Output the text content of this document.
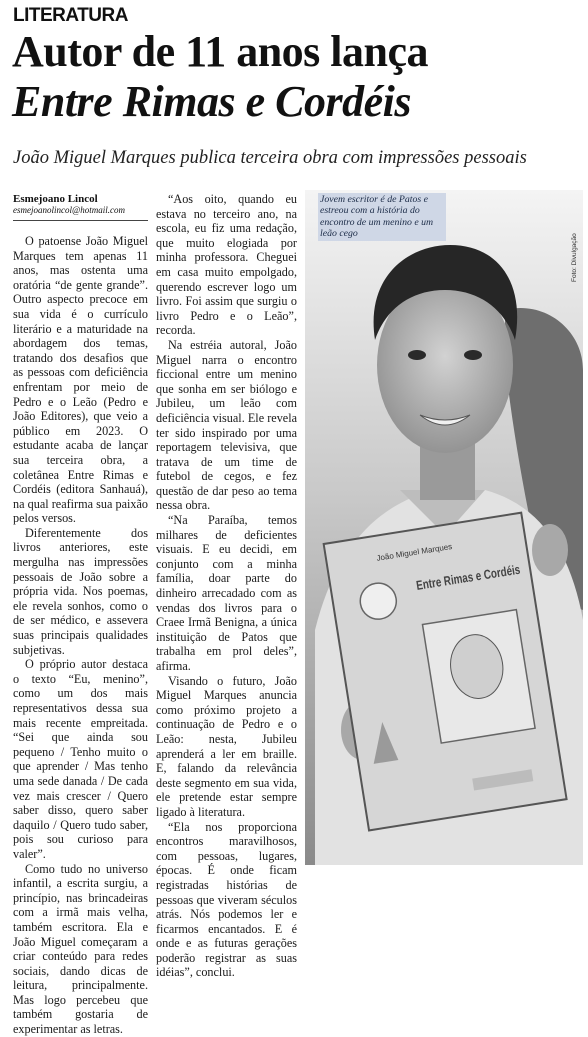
LITERATURA
Autor de 11 anos lança
Entre Rimas e Cordéis
João Miguel Marques publica terceira obra com impressões pessoais
Esmejoano Lincol
esmejoanolincol@hotmail.com

O patoense João Miguel Marques tem apenas 11 anos, mas ostenta uma oratória “de gente grande”. Outro aspecto precoce em sua vida é o currículo literário e a maturidade na abordagem dos temas, tratando dos desafios que as pessoas com deficiência enfrentam por meio de Pedro e o Leão (Pedro e João Editores), que veio a público em 2023. O estudante acaba de lançar sua terceira obra, a coletânea Entre Rimas e Cordéis (editora Sanhauá), na qual reafirma sua paixão pelos versos.

Diferentemente dos livros anteriores, este mergulha nas impressões pessoais de João sobre a própria vida. Nos poemas, ele revela sonhos, como o de ser médico, e assevera suas principais qualidades subjetivas.

O próprio autor destaca o texto “Eu, menino”, como um dos mais representativos dessa sua mais recente empreitada. “Sei que ainda sou pequeno / Tenho muito o que aprender / Mas tenho uma sede danada / De cada vez mais crescer / Quero saber disso, quero saber daquilo / Quero tudo saber, pois sou curioso para valer”.

Como tudo no universo infantil, a escrita surgiu, a princípio, nas brincadeiras com a irmã mais velha, também escritora. Ela e João Miguel começaram a criar conteúdo para redes sociais, dando dicas de leitura, principalmente. Mas logo percebeu que também gostaria de experimentar as letras.

“Aos oito, quando eu estava no terceiro ano, na escola, eu fiz uma redação, que muito elogiada por minha professora. Cheguei em casa muito empolgado, querendo escrever logo um livro. Foi assim que surgiu o livro Pedro e o Leão”, recorda.

Na estréia autoral, João Miguel narra o encontro ficcional entre um menino que sonha em ser biólogo e Jubileu, um leão com deficiência visual. Ele revela ter sido inspirado por uma reportagem televisiva, que tratava de um time de futebol de cegos, e fez questão de dar peso ao tema nessa obra.

“Na Paraíba, temos milhares de deficientes visuais. E eu decidi, em conjunto com a minha família, doar parte do dinheiro arrecadado com as vendas dos livros para o Craee Irmã Benigna, a única instituição de Patos que trabalha em prol deles”, afirma.

Visando o futuro, João Miguel Marques anuncia como próximo projeto a continuação de Pedro e o Leão: nesta, Jubileu aprenderá a ler em braille. E, falando da relevância deste segmento em sua vida, ele pretende estar sempre ligado à literatura.

“Ela nos proporciona encontros maravilhosos, com pessoas, lugares, épocas. É onde ficam registradas histórias de pessoas que viveram séculos atrás. Nós podemos ler e ficarmos encantados. E é onde e as futuras gerações poderão registrar as suas idéias”, conclui.

João Miguel Marques
Entre Rimas e Cordéis
Jovem escritor é de Patos e estreou com a história do encontro de um menino e um leão cego	Foto: Divulgação
